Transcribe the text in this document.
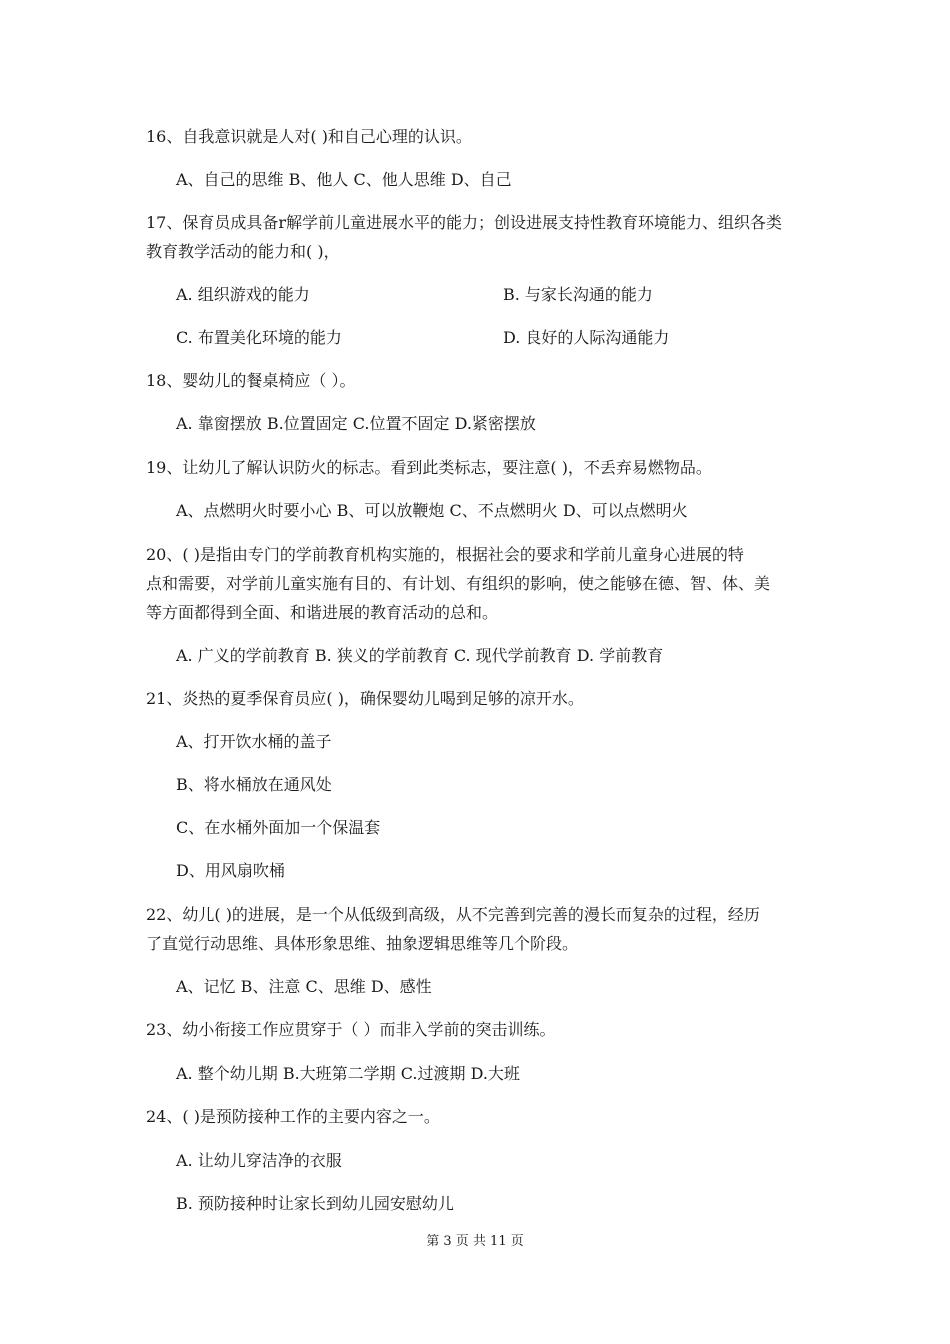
16、自我意识就是人对( )和自己心理的认识。
A、自己的思维 B、他人 C、他人思维 D、自己
17、保育员成具备r解学前儿童进展水平的能力；创设进展支持性教育环境能力、组织各类
教育教学活动的能力和( )，
A. 组织游戏的能力	B. 与家长沟通的能力
C. 布置美化环境的能力	D. 良好的人际沟通能力
18、婴幼儿的餐桌椅应（ ）。
A. 靠窗摆放 B.位置固定 C.位置不固定 D.紧密摆放
19、让幼儿了解认识防火的标志。看到此类标志，要注意( )，不丢弃易燃物品。
A、点燃明火时要小心 B、可以放鞭炮 C、不点燃明火 D、可以点燃明火
20、( )是指由专门的学前教育机构实施的，根据社会的要求和学前儿童身心进展的特
点和需要，对学前儿童实施有目的、有计划、有组织的影响，使之能够在德、智、体、美
等方面都得到全面、和谐进展的教育活动的总和。
A. 广义的学前教育 B. 狭义的学前教育 C. 现代学前教育 D. 学前教育
21、炎热的夏季保育员应( )，确保婴幼儿喝到足够的凉开水。
A、打开饮水桶的盖子
B、将水桶放在通风处
C、在水桶外面加一个保温套
D、用风扇吹桶
22、幼儿( )的进展，是一个从低级到高级，从不完善到完善的漫长而复杂的过程，经历
了直觉行动思维、具体形象思维、抽象逻辑思维等几个阶段。
A、记忆 B、注意 C、思维 D、感性
23、幼小衔接工作应贯穿于（ ）而非入学前的突击训练。
A. 整个幼儿期 B.大班第二学期 C.过渡期 D.大班
24、( )是预防接种工作的主要内容之一。
A. 让幼儿穿洁净的衣服
B. 预防接种时让家长到幼儿园安慰幼儿
第 3 页 共 11 页
